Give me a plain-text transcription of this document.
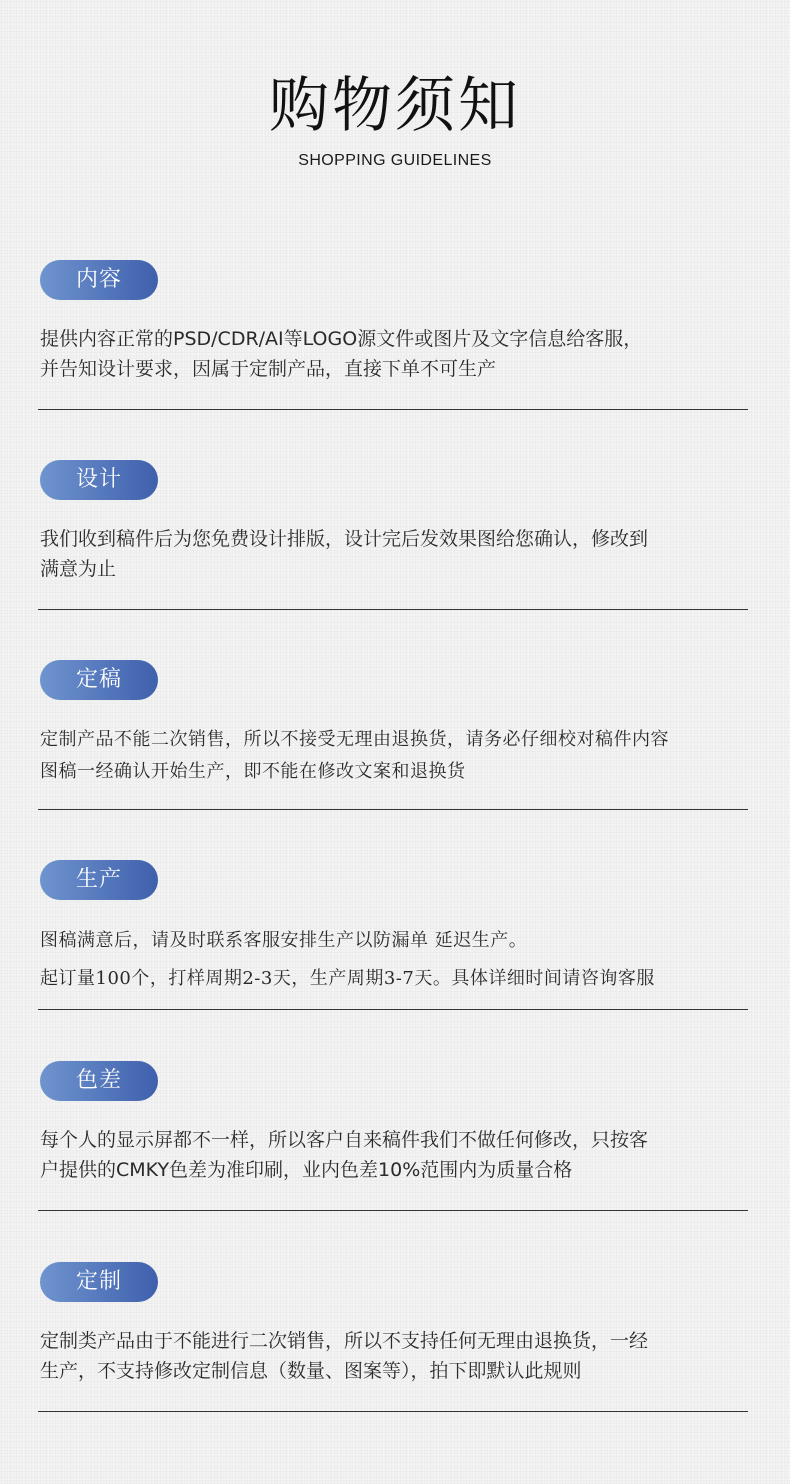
购物须知
SHOPPING GUIDELINES
内容

提供内容正常的PSD/CDR/AI等LOGO源文件或图片及文字信息给客服，

并告知设计要求，因属于定制产品，直接下单不可生产

设计

我们收到稿件后为您免费设计排版，设计完后发效果图给您确认，修改到

满意为止

定稿

定制产品不能二次销售，所以不接受无理由退换货，请务必仔细校对稿件内容

图稿一经确认开始生产，即不能在修改文案和退换货

生产

图稿满意后，请及时联系客服安排生产以防漏单 延迟生产。

起订量100个，打样周期2-3天，生产周期3-7天。具体详细时间请咨询客服

色差

每个人的显示屏都不一样，所以客户自来稿件我们不做任何修改，只按客

户提供的CMKY色差为准印刷，业内色差10%范围内为质量合格

定制

定制类产品由于不能进行二次销售，所以不支持任何无理由退换货，一经

生产，不支持修改定制信息（数量、图案等），拍下即默认此规则
